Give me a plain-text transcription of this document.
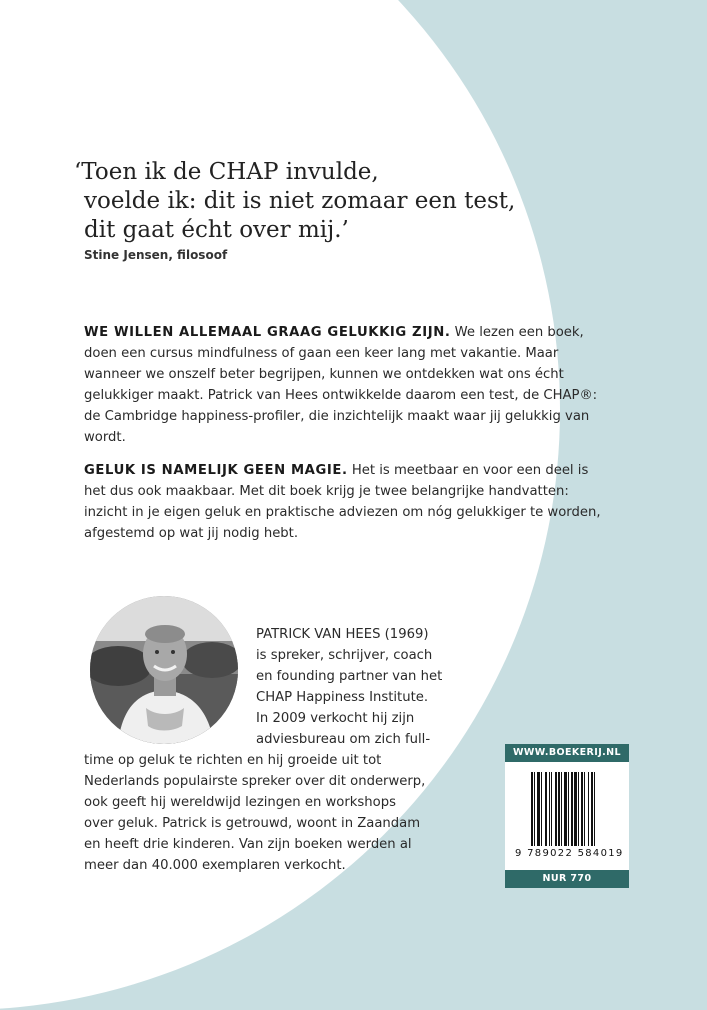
‘Toen ik de CHAP invulde,
voelde ik: dit is niet zomaar een test,
dit gaat écht over mij.’
Stine Jensen, filosoof

WE WILLEN ALLEMAAL GRAAG GELUKKIG ZIJN. We lezen een boek, doen een cursus mindfulness of gaan een keer lang met vakantie. Maar wanneer we onszelf beter begrijpen, kunnen we ontdekken wat ons écht gelukkiger maakt. Patrick van Hees ontwikkelde daarom een test, de CHAP®: de Cambridge happiness-profiler, die inzichtelijk maakt waar jij gelukkig van wordt.

GELUK IS NAMELIJK GEEN MAGIE. Het is meetbaar en voor een deel is het dus ook maakbaar. Met dit boek krijg je twee belangrijke handvatten: inzicht in je eigen geluk en praktische adviezen om nóg gelukkiger te worden, afgestemd op wat jij nodig hebt.

PATRICK VAN HEES (1969)
is spreker, schrijver, coach
en founding partner van het
CHAP Happiness Institute.
In 2009 verkocht hij zijn
adviesbureau om zich full-
time op geluk te richten en hij groeide uit tot
Nederlands populairste spreker over dit onderwerp,
ook geeft hij wereldwijd lezingen en workshops
over geluk. Patrick is getrouwd, woont in Zaandam
en heeft drie kinderen. Van zijn boeken werden al
meer dan 40.000 exemplaren verkocht.
WWW.BOEKERIJ.NL
9 789022 584019
NUR 770
